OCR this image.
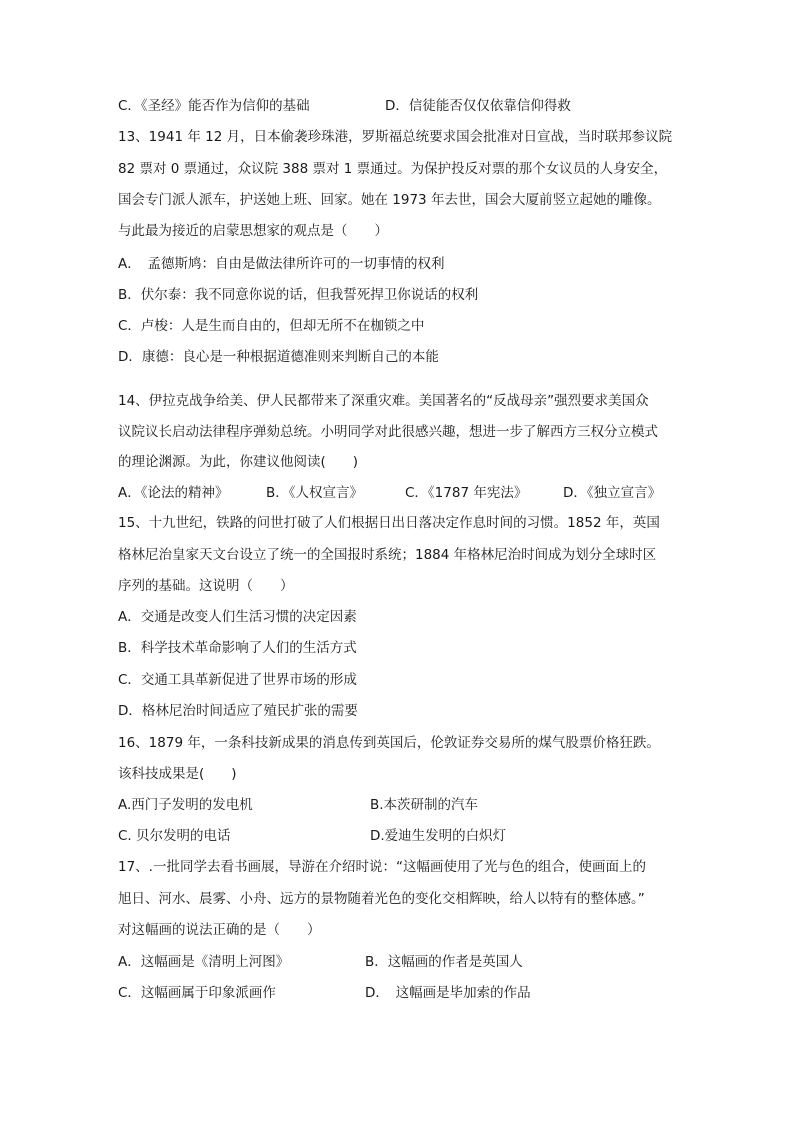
C．《圣经》能否作为信仰的基础	D．信徒能否仅仅依靠信仰得救
13、1941 年 12 月，日本偷袭珍珠港，罗斯福总统要求国会批准对日宣战，当时联邦参议院
82 票对 0 票通过，众议院 388 票对 1 票通过。为保护投反对票的那个女议员的人身安全，
国会专门派人派车，护送她上班、回家。她在 1973 年去世，国会大厦前竖立起她的雕像。
与此最为接近的启蒙思想家的观点是（　　）
A．　孟德斯鸠：自由是做法律所许可的一切事情的权利
B．伏尔泰：我不同意你说的话，但我誓死捍卫你说话的权利
C．卢梭：人是生而自由的，但却无所不在枷锁之中
D．康德：良心是一种根据道德准则来判断自己的本能
14、伊拉克战争给美、伊人民都带来了深重灾难。美国著名的“反战母亲”强烈要求美国众
议院议长启动法律程序弹劾总统。小明同学对此很感兴趣，想进一步了解西方三权分立模式
的理论渊源。为此，你建议他阅读(　　)
A．《论法的精神》	B．《人权宣言》	C．《1787 年宪法》	D．《独立宣言》
15、十九世纪，铁路的问世打破了人们根据日出日落决定作息时间的习惯。1852 年，英国
格林尼治皇家天文台设立了统一的全国报时系统；1884 年格林尼治时间成为划分全球时区
序列的基础。这说明（　　）
A．交通是改变人们生活习惯的决定因素
B．科学技术革命影响了人们的生活方式
C．交通工具革新促进了世界市场的形成
D．格林尼治时间适应了殖民扩张的需要
16、1879 年，一条科技新成果的消息传到英国后，伦敦证券交易所的煤气股票价格狂跌。
该科技成果是(　　)
A.西门子发明的发电机	B.本茨研制的汽车
C. 贝尔发明的电话	D.爱迪生发明的白炽灯
17、.一批同学去看书画展，导游在介绍时说：“这幅画使用了光与色的组合，使画面上的
旭日、河水、晨雾、小舟、远方的景物随着光色的变化交相辉映，给人以特有的整体感。”
对这幅画的说法正确的是（　　）
A．这幅画是《清明上河图》	B．这幅画的作者是英国人
C．这幅画属于印象派画作	D．　这幅画是毕加索的作品
